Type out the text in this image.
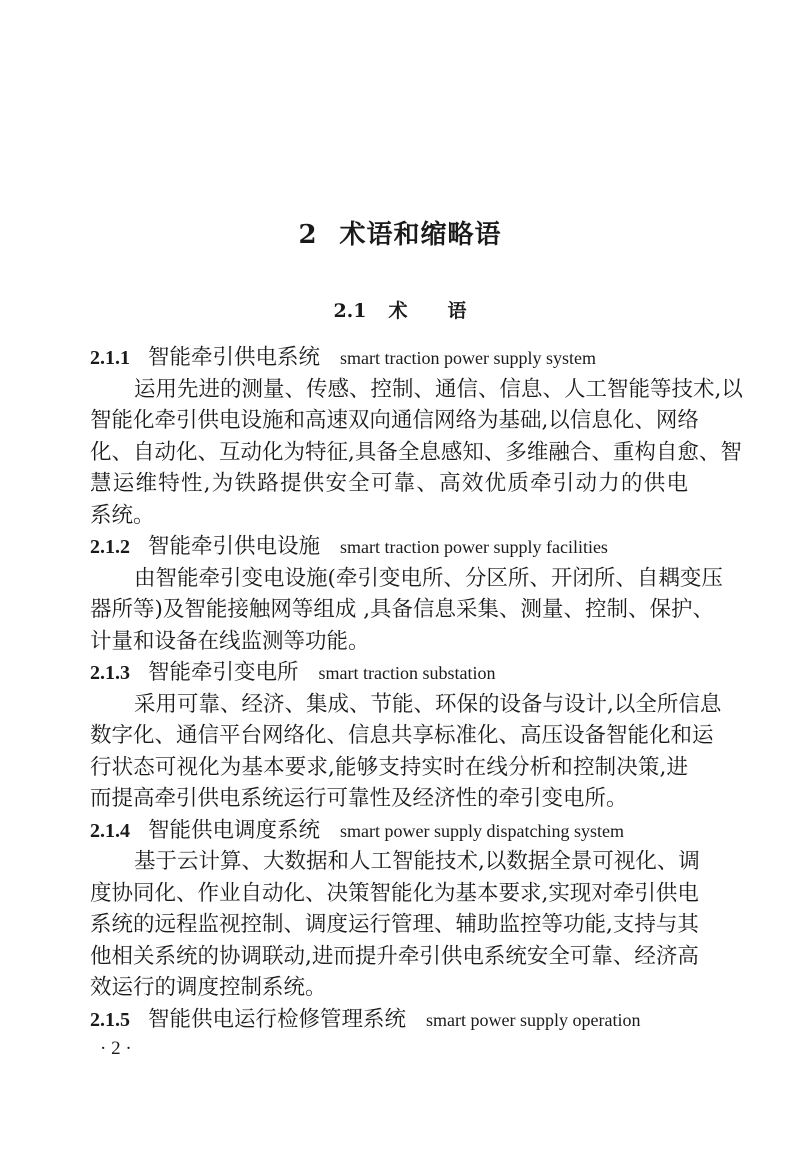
2 术语和缩略语
2.1 术 语
2.1.1 智能牵引供电系统 smart traction power supply system
运用先进的测量、传感、控制、通信、信息、人工智能等技术,以
智能化牵引供电设施和高速双向通信网络为基础,以信息化、网络
化、自动化、互动化为特征,具备全息感知、多维融合、重构自愈、智
慧运维特性,为铁路提供安全可靠、高效优质牵引动力的供电
系统。
2.1.2 智能牵引供电设施 smart traction power supply facilities
由智能牵引变电设施(牵引变电所、分区所、开闭所、自耦变压
器所等)及智能接触网等组成 ,具备信息采集、测量、控制、保护、
计量和设备在线监测等功能。
2.1.3 智能牵引变电所 smart traction substation
采用可靠、经济、集成、节能、环保的设备与设计,以全所信息
数字化、通信平台网络化、信息共享标准化、高压设备智能化和运
行状态可视化为基本要求,能够支持实时在线分析和控制决策,进
而提高牵引供电系统运行可靠性及经济性的牵引变电所。
2.1.4 智能供电调度系统 smart power supply dispatching system
基于云计算、大数据和人工智能技术,以数据全景可视化、调
度协同化、作业自动化、决策智能化为基本要求,实现对牵引供电
系统的远程监视控制、调度运行管理、辅助监控等功能,支持与其
他相关系统的协调联动,进而提升牵引供电系统安全可靠、经济高
效运行的调度控制系统。
2.1.5 智能供电运行检修管理系统 smart power supply operation
· 2 ·
